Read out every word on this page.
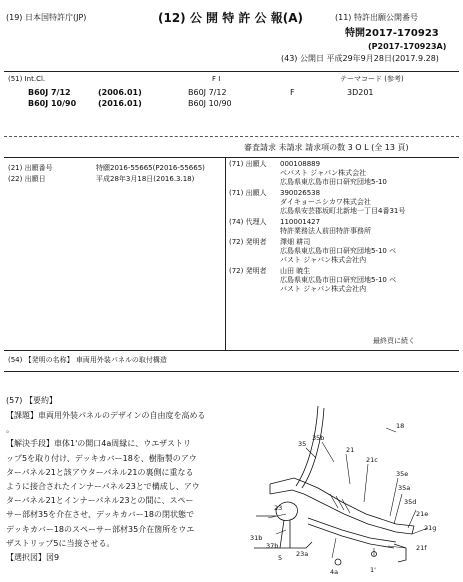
(19) 日本国特許庁(JP)	(12) 公 開 特 許 公 報(A)	(11) 特許出願公開番号
特開2017-170923
(P2017-170923A)
(43) 公開日 平成29年9月28日(2017.9.28)
(51) Int.Cl.	F I	テーマコード (参考)
B60J 7/12	(2006.01)	B60J 7/12	F	3D201
B60J 10/90	(2016.01)	B60J 10/90
審査請求 未請求 請求項の数 3 O L (全 13 頁)
(21) 出願番号	特願2016-55665(P2016-55665)
(22) 出願日	平成28年3月18日(2016.3.18)
(71) 出願人	000108889
ベバスト ジャパン株式会社
広島県東広島市田口研究団地5-10
(71) 出願人	390026538
ダイキョーニシカワ株式会社
広島県安芸郡坂町北新地一丁目4番31号
(74) 代理人	110001427
特許業務法人前田特許事務所
(72) 発明者	澤畑 耕司
広島県東広島市田口研究団地5-10 ベ
バスト ジャパン株式会社内
(72) 発明者	山田 暁生
広島県東広島市田口研究団地5-10 ベ
バスト ジャパン株式会社内
最終頁に続く
(54) 【発明の名称】 車両用外装パネルの取付構造
(57) 【要約】
【課題】車両用外装パネルのデザインの自由度を高める
。
【解決手段】車体1'の開口4a周縁に、ウエザストリ
ップ5を取り付け、デッキカバー18を、樹脂製のアウ
ターパネル21と該アウターパネル21の裏側に重なる
ように接合されたインナーパネル23とで構成し、アウ
ターパネル21とインナーパネル23との間に、スペー
サー部材35を介在させ、デッキカバー18の閉状態で
デッキカバー18のスペーサー部材35介在箇所をウエ
ザストリップ5に当接させる。
【選択図】図9
18
35
35b
21
21c
35e
35a
35d
23
21e
21g
31b
37b
5 23a
21f
4a	1'
